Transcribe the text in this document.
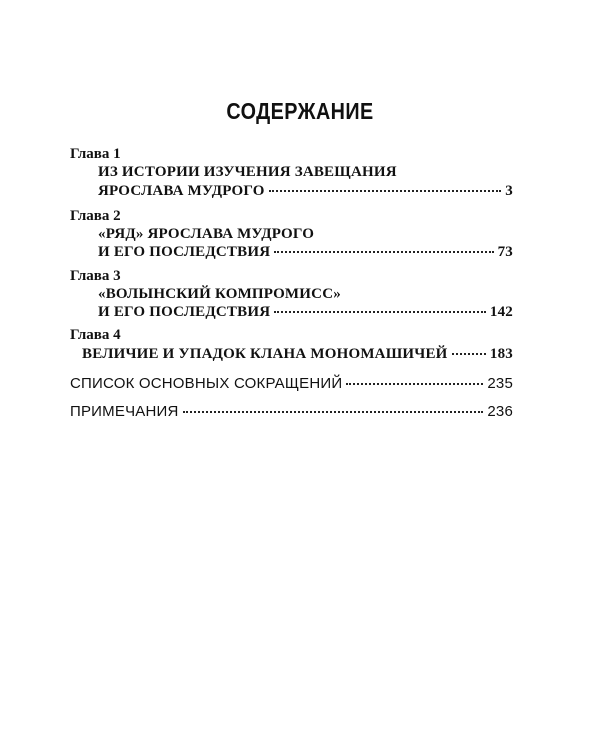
СОДЕРЖАНИЕ
Глава 1
ИЗ ИСТОРИИ ИЗУЧЕНИЯ ЗАВЕЩАНИЯ
ЯРОСЛАВА МУДРОГО	3
Глава 2
«РЯД» ЯРОСЛАВА МУДРОГО
И ЕГО ПОСЛЕДСТВИЯ	73
Глава 3
«ВОЛЫНСКИЙ КОМПРОМИСС»
И ЕГО ПОСЛЕДСТВИЯ	142
Глава 4
ВЕЛИЧИЕ И УПАДОК КЛАНА МОНОМАШИЧЕЙ	183
СПИСОК ОСНОВНЫХ СОКРАЩЕНИЙ	235
ПРИМЕЧАНИЯ	236
